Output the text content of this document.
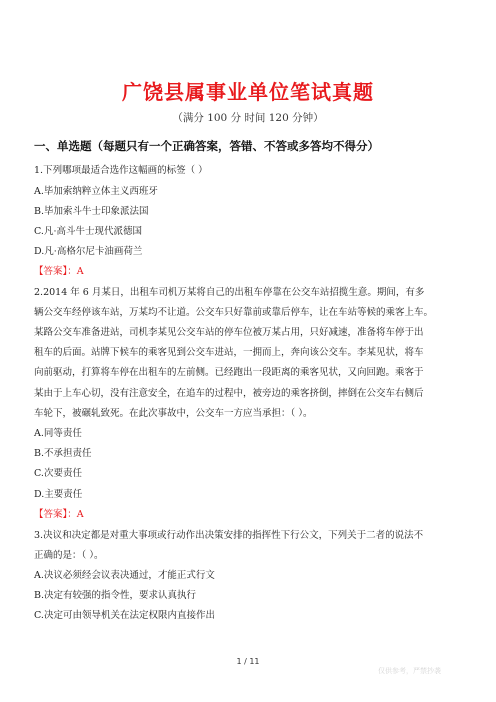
广饶县属事业单位笔试真题
（满分 100 分 时间 120 分钟）
一、单选题（每题只有一个正确答案，答错、不答或多答均不得分）
1.下列哪项最适合选作这幅画的标签（ ）
A.毕加索纳粹立体主义西班牙
B.毕加索斗牛士印象派法国
C.凡·高斗牛士现代派德国
D.凡·高格尔尼卡油画荷兰
【答案】：A
2.2014 年 6 月某日，出租车司机万某将自己的出租车停靠在公交车站招揽生意。期间，有多
辆公交车经停该车站，万某均不让道。公交车只好靠前或靠后停车，让在车站等候的乘客上车。
某路公交车准备进站，司机李某见公交车站的停车位被万某占用，只好减速，准备将车停于出
租车的后面。站牌下候车的乘客见到公交车进站，一拥而上，奔向该公交车。李某见状，将车
向前驱动，打算将车停在出租车的左前侧。已经跑出一段距离的乘客见状，又向回跑。乘客于
某由于上车心切，没有注意安全，在追车的过程中，被旁边的乘客挤倒，摔倒在公交车右侧后
车轮下，被碾轧致死。在此次事故中，公交车一方应当承担：（ ）。
A.同等责任
B.不承担责任
C.次要责任
D.主要责任
【答案】：A
3.决议和决定都是对重大事项或行动作出决策安排的指挥性下行公文，下列关于二者的说法不
正确的是：（ ）。
A.决议必须经会议表决通过，才能正式行文
B.决定有较强的指令性，要求认真执行
C.决定可由领导机关在法定权限内直接作出
1 / 11
仅供参考，严禁抄袭
